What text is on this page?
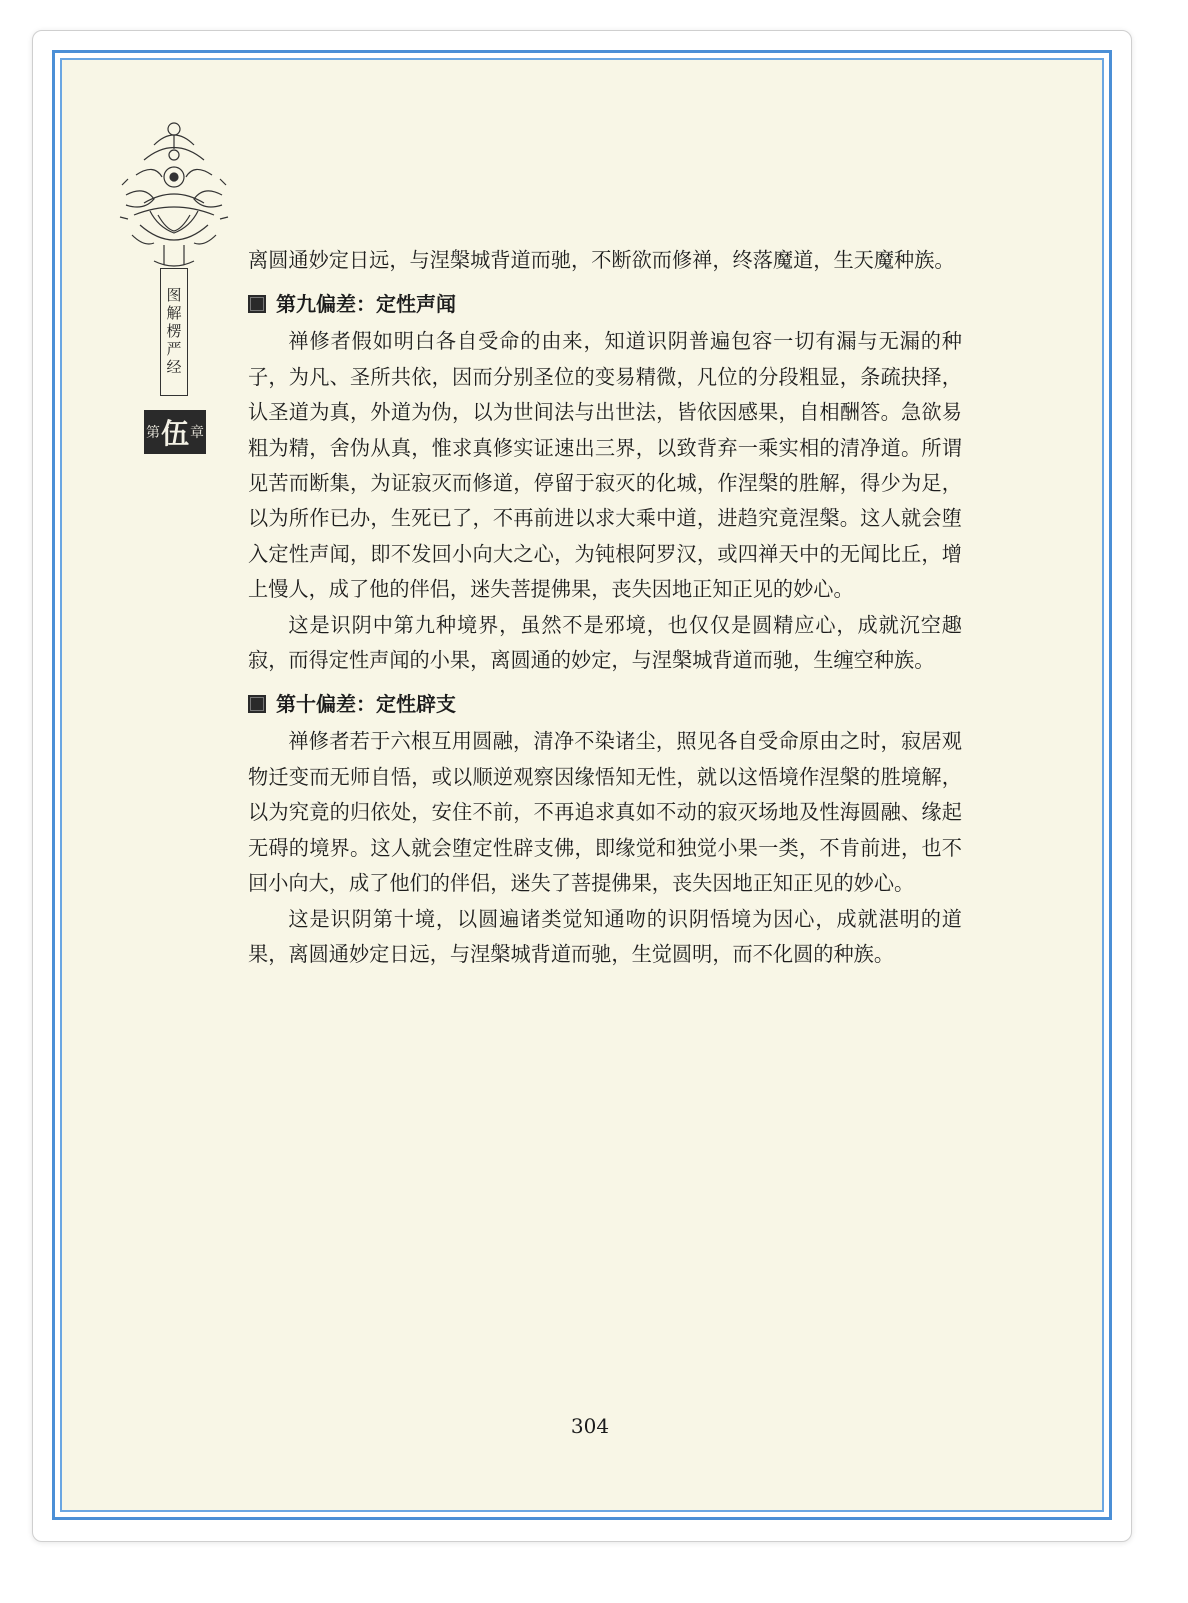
图解楞严经
第 伍 章

离圆通妙定日远，与涅槃城背道而驰，不断欲而修禅，终落魔道，生天魔种族。

第九偏差：定性声闻

禅修者假如明白各自受命的由来，知道识阴普遍包容一切有漏与无漏的种子，为凡、圣所共依，因而分别圣位的变易精微，凡位的分段粗显，条疏抉择，认圣道为真，外道为伪，以为世间法与出世法，皆依因感果，自相酬答。急欲易粗为精，舍伪从真，惟求真修实证速出三界，以致背弃一乘实相的清净道。所谓见苦而断集，为证寂灭而修道，停留于寂灭的化城，作涅槃的胜解，得少为足，以为所作已办，生死已了，不再前进以求大乘中道，进趋究竟涅槃。这人就会堕入定性声闻，即不发回小向大之心，为钝根阿罗汉，或四禅天中的无闻比丘，增上慢人，成了他的伴侣，迷失菩提佛果，丧失因地正知正见的妙心。

这是识阴中第九种境界，虽然不是邪境，也仅仅是圆精应心，成就沉空趣寂，而得定性声闻的小果，离圆通的妙定，与涅槃城背道而驰，生缠空种族。

第十偏差：定性辟支

禅修者若于六根互用圆融，清净不染诸尘，照见各自受命原由之时，寂居观物迁变而无师自悟，或以顺逆观察因缘悟知无性，就以这悟境作涅槃的胜境解，以为究竟的归依处，安住不前，不再追求真如不动的寂灭场地及性海圆融、缘起无碍的境界。这人就会堕定性辟支佛，即缘觉和独觉小果一类，不肯前进，也不回小向大，成了他们的伴侣，迷失了菩提佛果，丧失因地正知正见的妙心。

这是识阴第十境，以圆遍诸类觉知通吻的识阴悟境为因心，成就湛明的道果，离圆通妙定日远，与涅槃城背道而驰，生觉圆明，而不化圆的种族。

304
